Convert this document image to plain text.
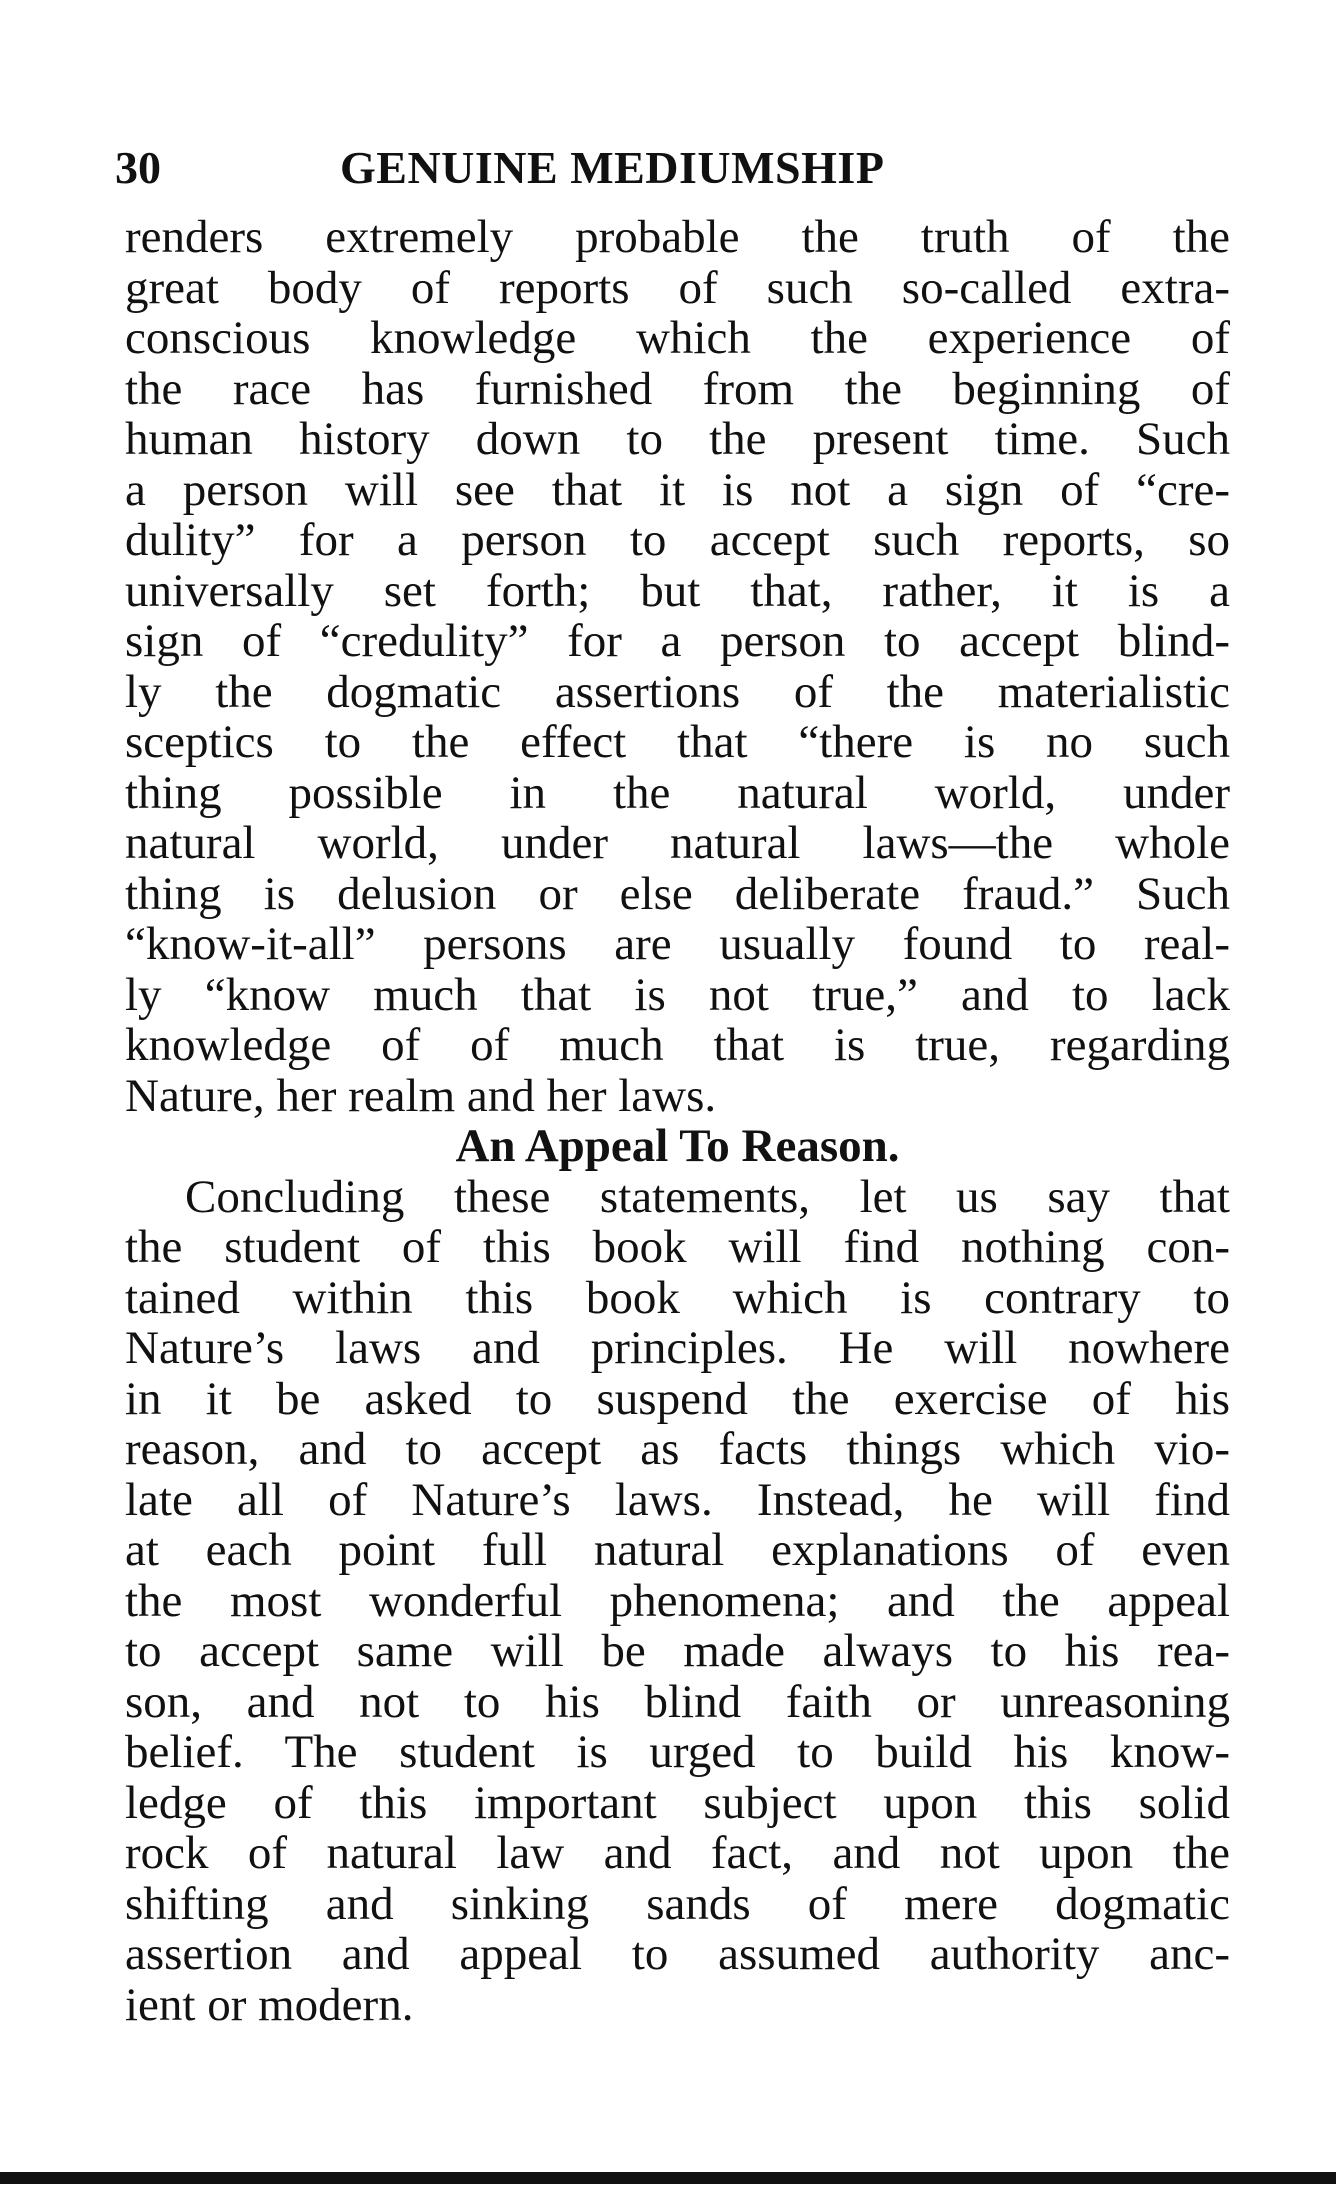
30	GENUINE MEDIUMSHIP
renders extremely probable the truth of the
great body of reports of such so-called extra-
conscious knowledge which the experience of
the race has furnished from the beginning of
human history down to the present time. Such
a person will see that it is not a sign of “cre-
dulity” for a person to accept such reports, so
universally set forth; but that, rather, it is a
sign of “credulity” for a person to accept blind-
ly the dogmatic assertions of the materialistic
sceptics to the effect that “there is no such
thing possible in the natural world, under
natural world, under natural laws—the whole
thing is delusion or else deliberate fraud.” Such
“know-it-all” persons are usually found to real-
ly “know much that is not true,” and to lack
knowledge of of much that is true, regarding
Nature, her realm and her laws.
An Appeal To Reason.
Concluding these statements, let us say that
the student of this book will find nothing con-
tained within this book which is contrary to
Nature’s laws and principles. He will nowhere
in it be asked to suspend the exercise of his
reason, and to accept as facts things which vio-
late all of Nature’s laws. Instead, he will find
at each point full natural explanations of even
the most wonderful phenomena; and the appeal
to accept same will be made always to his rea-
son, and not to his blind faith or unreasoning
belief. The student is urged to build his know-
ledge of this important subject upon this solid
rock of natural law and fact, and not upon the
shifting and sinking sands of mere dogmatic
assertion and appeal to assumed authority anc-
ient or modern.
